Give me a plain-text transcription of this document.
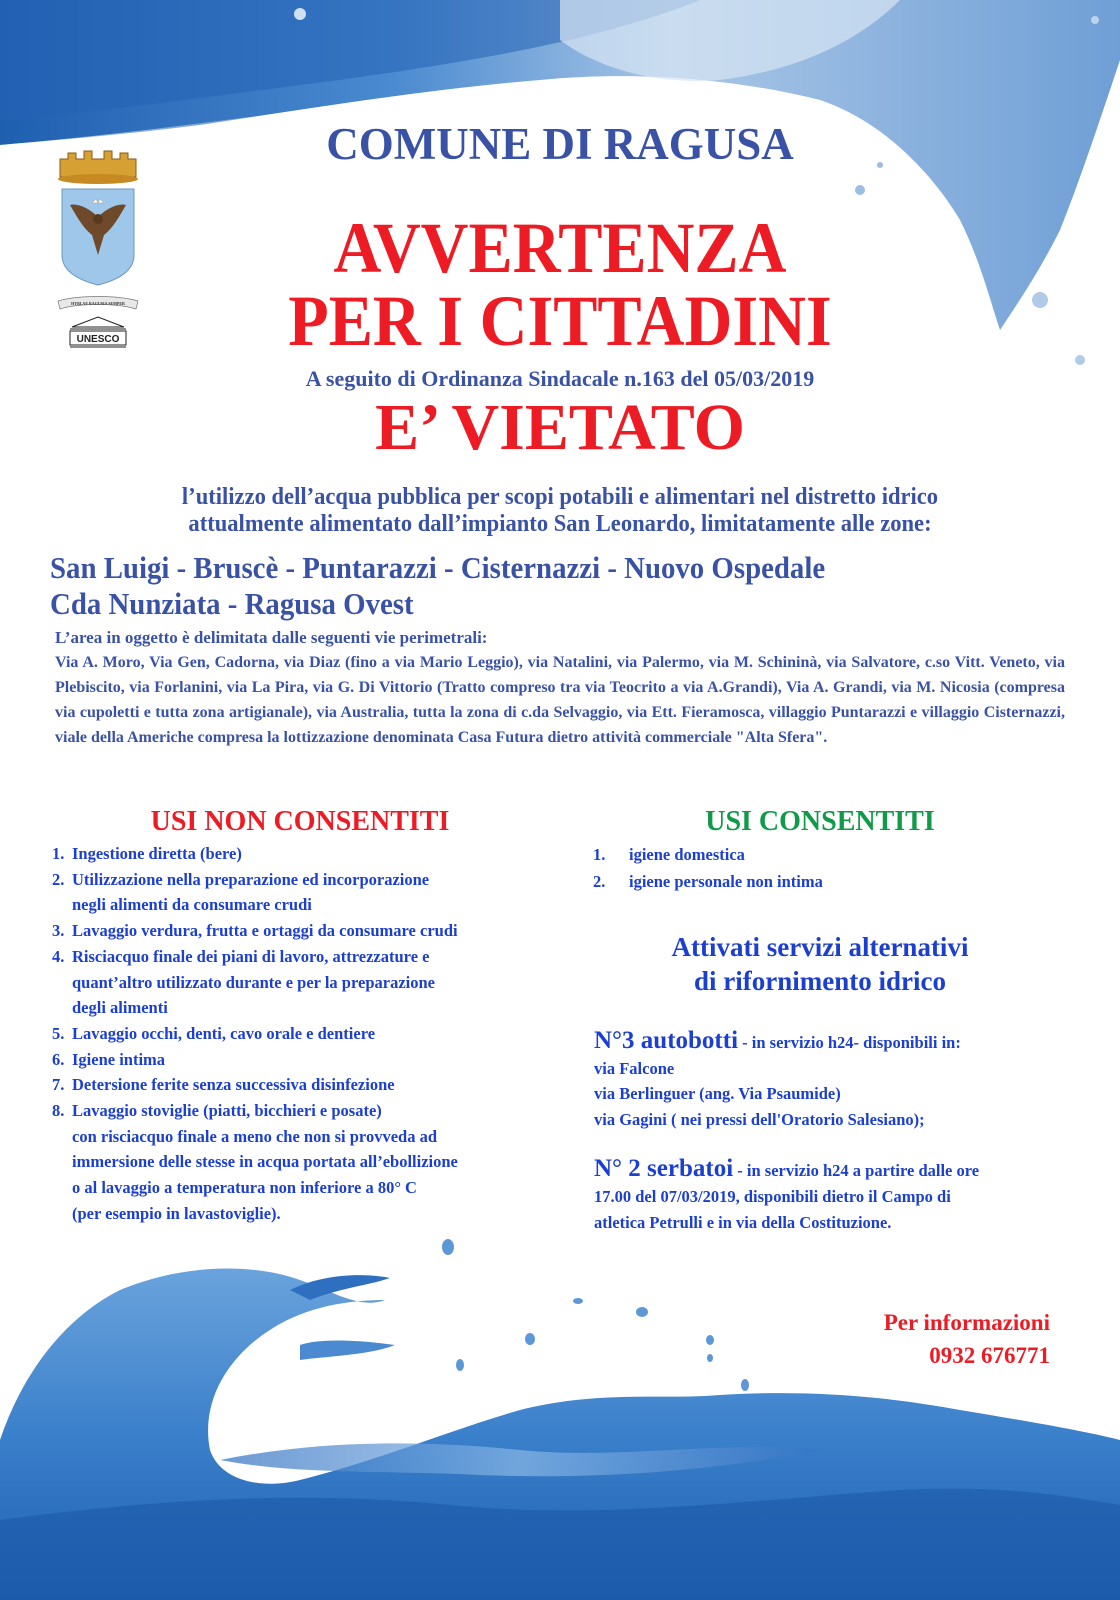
HYBLAE RAGUSIA SEMPER
UNESCO
COMUNE DI RAGUSA
AVVERTENZA
PER I CITTADINI
A seguito di Ordinanza Sindacale n.163 del 05/03/2019
E’ VIETATO
l’utilizzo dell’acqua pubblica per scopi potabili e alimentari nel distretto idrico
attualmente alimentato dall’impianto San Leonardo, limitatamente alle zone:
San Luigi - Bruscè - Puntarazzi - Cisternazzi - Nuovo Ospedale
Cda Nunziata - Ragusa Ovest
L’area in oggetto è delimitata dalle seguenti vie perimetrali:
Via A. Moro, Via Gen, Cadorna, via Diaz (fino a via Mario Leggio), via Natalini, via Palermo, via M. Schininà, via Salvatore, c.so Vitt. Veneto, via Plebiscito, via Forlanini, via La Pira, via G. Di Vittorio (Tratto compreso tra via Teocrito a via A.Grandi), Via A. Grandi, via M. Nicosia (compresa via cupoletti e tutta zona artigianale), via Australia, tutta la zona di c.da Selvaggio, via Ett. Fieramosca, villaggio Puntarazzi e villaggio Cisternazzi, viale della Americhe compresa la lottizzazione denominata Casa Futura dietro attività commerciale "Alta Sfera".
USI NON CONSENTITI	USI CONSENTITI
1. Ingestione diretta (bere)
2. Utilizzazione nella preparazione ed incorporazione
negli alimenti da consumare crudi
3. Lavaggio verdura, frutta e ortaggi da consumare crudi
4. Risciacquo finale dei piani di lavoro, attrezzature e
quant’altro utilizzato durante e per la preparazione
degli alimenti
5. Lavaggio occhi, denti, cavo orale e dentiere
6. Igiene intima
7. Detersione ferite senza successiva disinfezione
8. Lavaggio stoviglie (piatti, bicchieri e posate)
con risciacquo finale a meno che non si provveda ad
immersione delle stesse in acqua portata all’ebollizione
o al lavaggio a temperatura non inferiore a 80° C
(per esempio in lavastoviglie).
1.	igiene domestica
2.	igiene personale non intima
Attivati servizi alternativi
di rifornimento idrico
N°3 autobotti - in servizio h24- disponibili in:
via Falcone
via Berlinguer (ang. Via Psaumide)
via Gagini ( nei pressi dell'Oratorio Salesiano);
N° 2 serbatoi - in servizio h24 a partire dalle ore
17.00 del 07/03/2019, disponibili dietro il Campo di
atletica Petrulli e in via della Costituzione.
Per informazioni
0932 676771
